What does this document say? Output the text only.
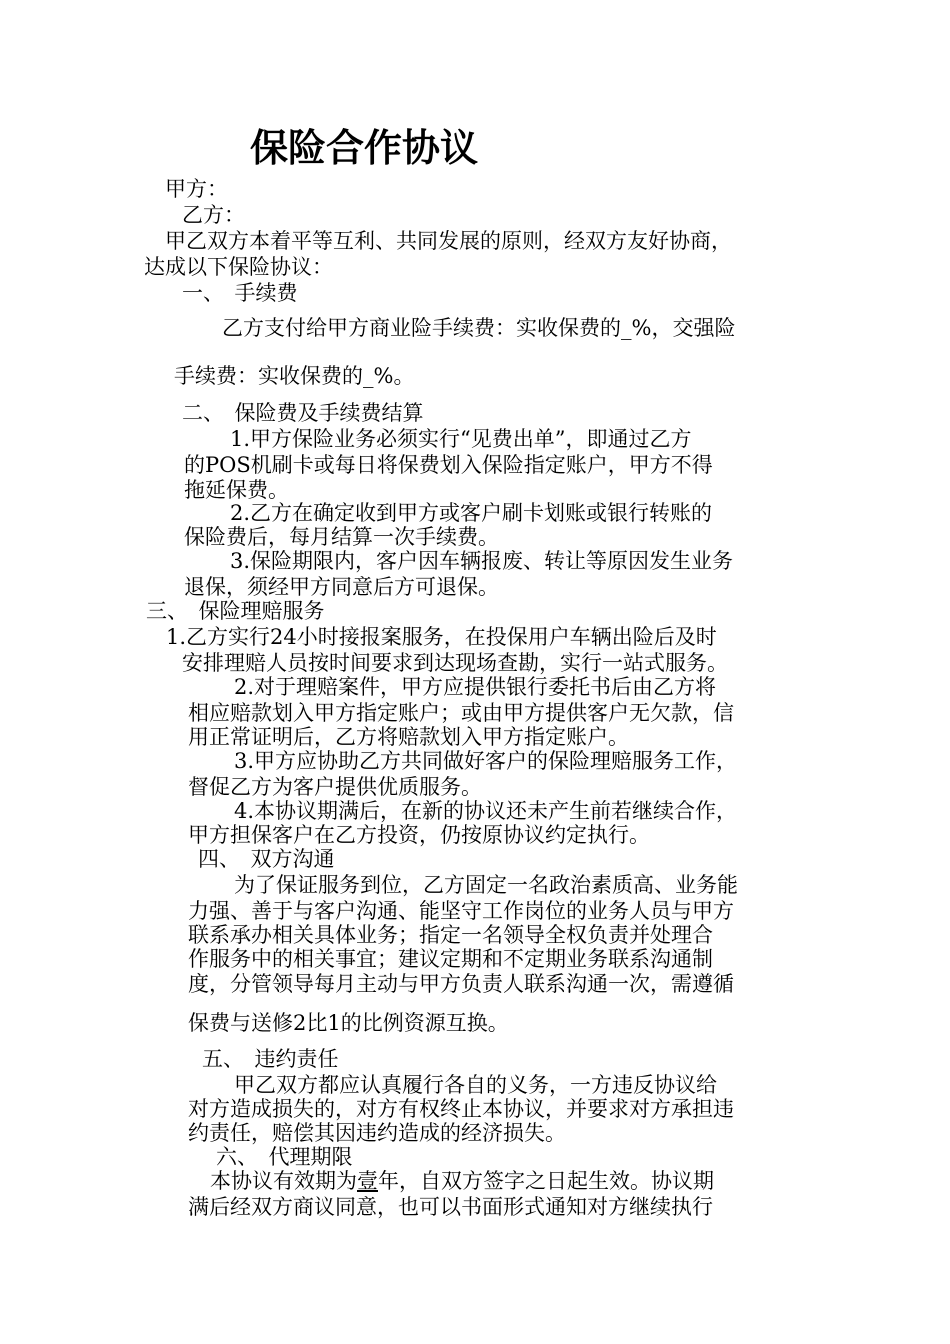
保险合作协议

甲方：

乙方：

甲乙双方本着平等互利、共同发展的原则，经双方友好协商，

达成以下保险协议：

一、　手续费

乙方支付给甲方商业险手续费：实收保费的_%，交强险

手续费：实收保费的_%。

二、　保险费及手续费结算

1.甲方保险业务必须实行“见费出单”，即通过乙方

的POS机刷卡或每日将保费划入保险指定账户，甲方不得

拖延保费。

2.乙方在确定收到甲方或客户刷卡划账或银行转账的

保险费后，每月结算一次手续费。

3.保险期限内，客户因车辆报废、转让等原因发生业务

退保，须经甲方同意后方可退保。

三、　保险理赔服务

1.乙方实行24小时接报案服务，在投保用户车辆出险后及时

安排理赔人员按时间要求到达现场查勘，实行一站式服务。

2.对于理赔案件，甲方应提供银行委托书后由乙方将

相应赔款划入甲方指定账户；或由甲方提供客户无欠款，信

用正常证明后，乙方将赔款划入甲方指定账户。

3.甲方应协助乙方共同做好客户的保险理赔服务工作，

督促乙方为客户提供优质服务。

4.本协议期满后，在新的协议还未产生前若继续合作，

甲方担保客户在乙方投资，仍按原协议约定执行。

四、　双方沟通

为了保证服务到位，乙方固定一名政治素质高、业务能

力强、善于与客户沟通、能坚守工作岗位的业务人员与甲方

联系承办相关具体业务；指定一名领导全权负责并处理合

作服务中的相关事宜；建议定期和不定期业务联系沟通制

度，分管领导每月主动与甲方负责人联系沟通一次，需遵循

保费与送修2比1的比例资源互换。

五、　违约责任

甲乙双方都应认真履行各自的义务，一方违反协议给

对方造成损失的，对方有权终止本协议，并要求对方承担违

约责任，赔偿其因违约造成的经济损失。

六、　代理期限

本协议有效期为壹年，自双方签字之日起生效。协议期

满后经双方商议同意，也可以书面形式通知对方继续执行
